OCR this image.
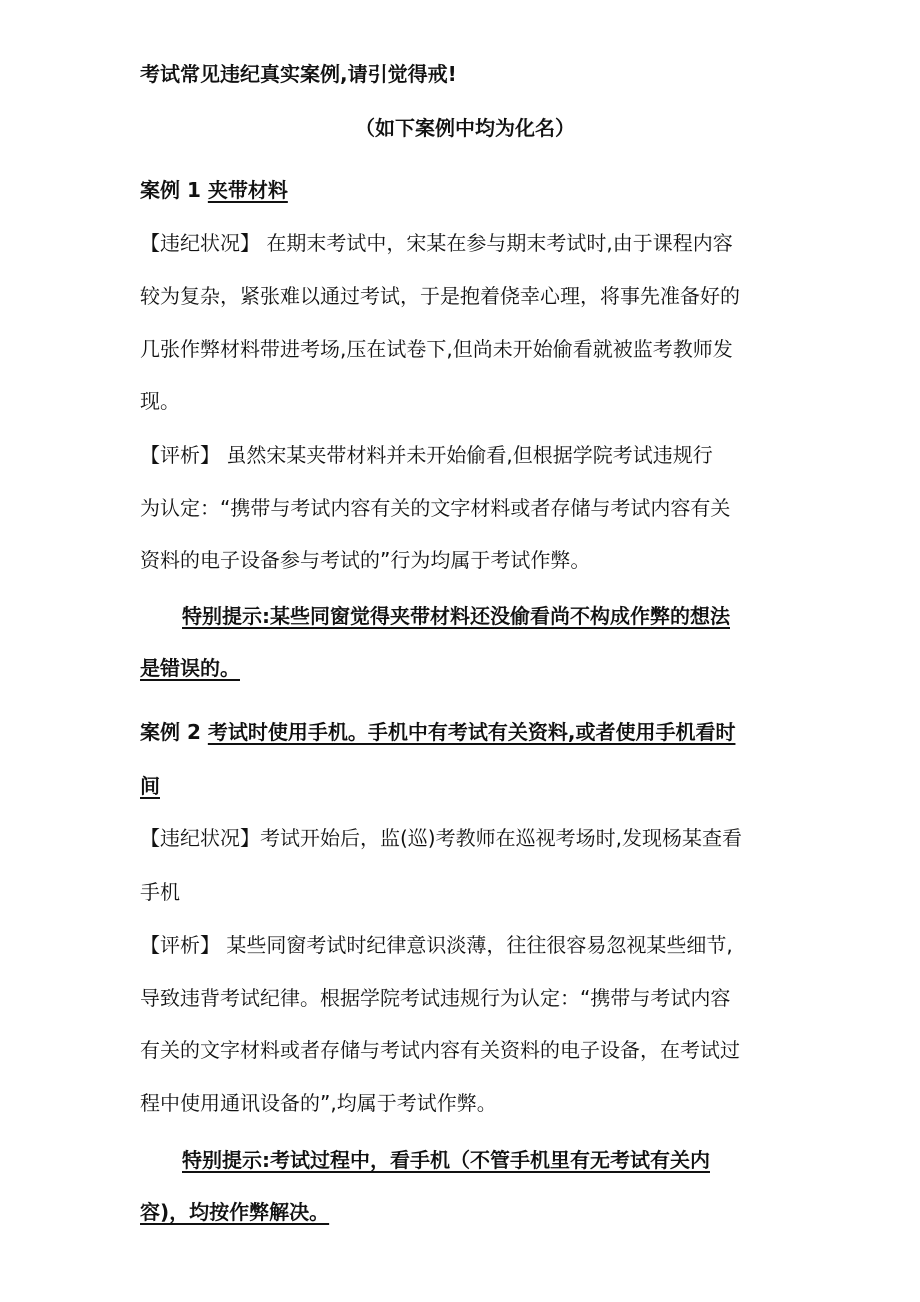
考试常见违纪真实案例,请引觉得戒!
（如下案例中均为化名）
案例 1 夹带材料
【违纪状况】 在期末考试中，宋某在参与期末考试时,由于课程内容
较为复杂，紧张难以通过考试，于是抱着侥幸心理，将事先准备好的
几张作弊材料带进考场,压在试卷下,但尚未开始偷看就被监考教师发
现。
【评析】 虽然宋某夹带材料并未开始偷看,但根据学院考试违规行
为认定：“携带与考试内容有关的文字材料或者存储与考试内容有关
资料的电子设备参与考试的”行为均属于考试作弊。
特别提示:某些同窗觉得夹带材料还没偷看尚不构成作弊的想法
是错误的。
案例 2 考试时使用手机。手机中有考试有关资料,或者使用手机看时
间
【违纪状况】考试开始后，监(巡)考教师在巡视考场时,发现杨某查看
手机
【评析】 某些同窗考试时纪律意识淡薄，往往很容易忽视某些细节,
导致违背考试纪律。根据学院考试违规行为认定：“携带与考试内容
有关的文字材料或者存储与考试内容有关资料的电子设备，在考试过
程中使用通讯设备的”,均属于考试作弊。
特别提示:考试过程中，看手机（不管手机里有无考试有关内
容)，均按作弊解决。
